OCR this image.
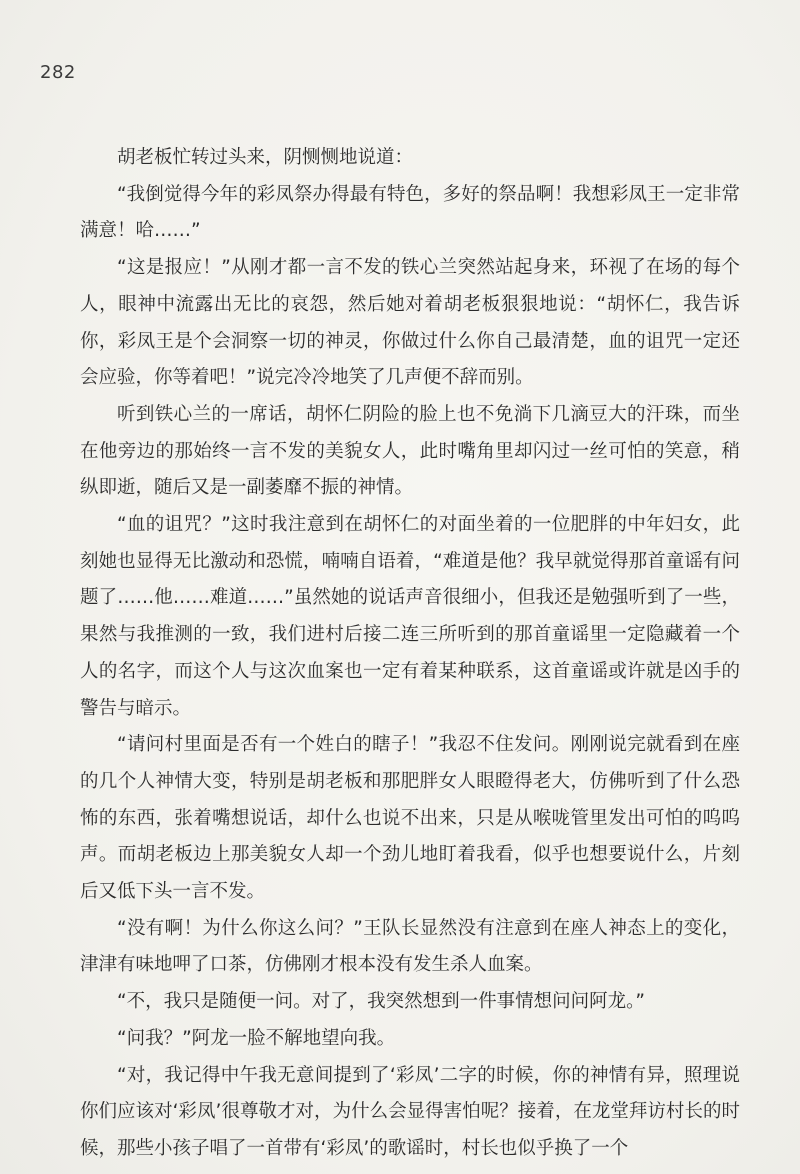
282

胡老板忙转过头来，阴恻恻地说道：

“我倒觉得今年的彩凤祭办得最有特色，多好的祭品啊！我想彩凤王一定非常满意！哈……”

“这是报应！”从刚才都一言不发的铁心兰突然站起身来，环视了在场的每个人，眼神中流露出无比的哀怨，然后她对着胡老板狠狠地说：“胡怀仁，我告诉你，彩凤王是个会洞察一切的神灵，你做过什么你自己最清楚，血的诅咒一定还会应验，你等着吧！”说完冷冷地笑了几声便不辞而别。

听到铁心兰的一席话，胡怀仁阴险的脸上也不免淌下几滴豆大的汗珠，而坐在他旁边的那始终一言不发的美貌女人，此时嘴角里却闪过一丝可怕的笑意，稍纵即逝，随后又是一副萎靡不振的神情。

“血的诅咒？”这时我注意到在胡怀仁的对面坐着的一位肥胖的中年妇女，此刻她也显得无比激动和恐慌，喃喃自语着，“难道是他？我早就觉得那首童谣有问题了……他……难道……”虽然她的说话声音很细小，但我还是勉强听到了一些，果然与我推测的一致，我们进村后接二连三所听到的那首童谣里一定隐藏着一个人的名字，而这个人与这次血案也一定有着某种联系，这首童谣或许就是凶手的警告与暗示。

“请问村里面是否有一个姓白的瞎子！”我忍不住发问。刚刚说完就看到在座的几个人神情大变，特别是胡老板和那肥胖女人眼瞪得老大，仿佛听到了什么恐怖的东西，张着嘴想说话，却什么也说不出来，只是从喉咙管里发出可怕的呜呜声。而胡老板边上那美貌女人却一个劲儿地盯着我看，似乎也想要说什么，片刻后又低下头一言不发。

“没有啊！为什么你这么问？”王队长显然没有注意到在座人神态上的变化，津津有味地呷了口茶，仿佛刚才根本没有发生杀人血案。

“不，我只是随便一问。对了，我突然想到一件事情想问问阿龙。”

“问我？”阿龙一脸不解地望向我。

“对，我记得中午我无意间提到了‘彩凤’二字的时候，你的神情有异，照理说你们应该对‘彩凤’很尊敬才对，为什么会显得害怕呢？接着，在龙堂拜访村长的时候，那些小孩子唱了一首带有‘彩凤’的歌谣时，村长也似乎换了一个
